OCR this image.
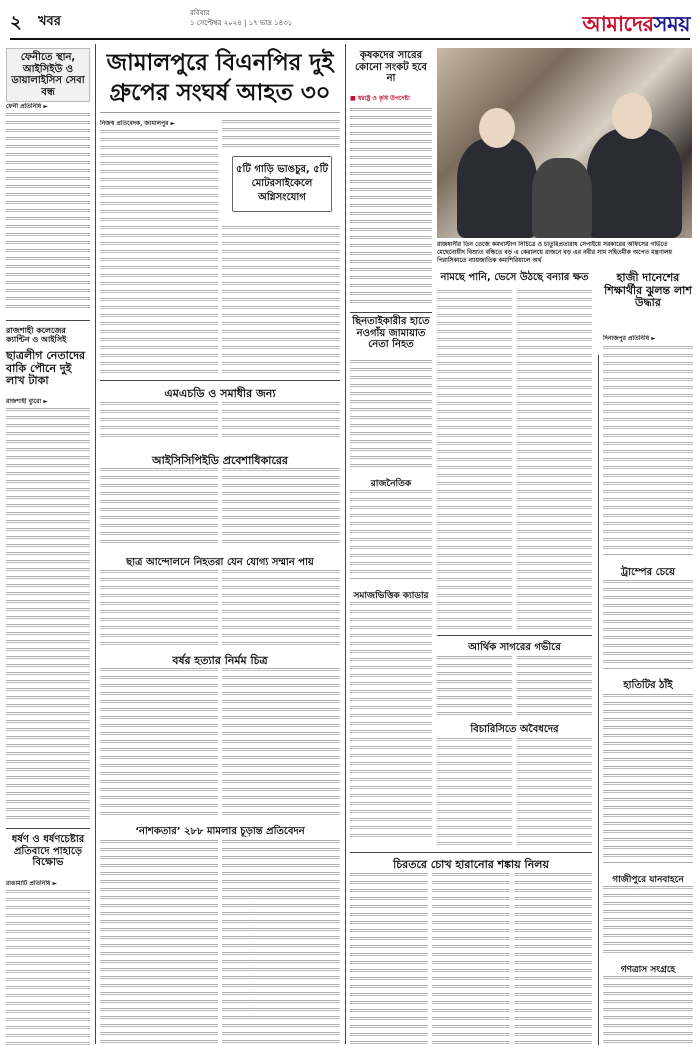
২ খবর
রবিবার
১ সেপ্টেম্বর ২০২৪ | ১৭ ভাদ্র ১৪৩১	আমাদেরসময়
ফেনীতে স্থান, আইসিইউ ও ডায়ালাইসিস সেবা বন্ধ
ফেনী প্রতিনিধি ►
রাজশাহী কলেজের ক্যান্টিন ও আইসিই
ছাত্রলীগ নেতাদের বাকি পৌনে দুই লাখ টাকা
রাজশাহী ব্যুরো ►
ধর্ষণ ও ধর্ষণচেষ্টার প্রতিবাদে পাহাড়ে বিক্ষোভ
রাঙামাটি প্রতিনিধি ►
জামালপুরে বিএনপির দুই
গ্রুপের সংঘর্ষ আহত ৩০
নিজস্ব প্রতিবেদক, জামালপুর ►
৫টি গাড়ি ভাঙচুর, ৫টি মোটরসাইকেলে অগ্নিসংযোগ
এমএচডি ও সমাধীর জন্য
আইসিসিপিইডি প্রবেশাধিকারের
ছাত্র আন্দোলনে নিহতরা যেন যোগ্য সম্মান পায়
বর্ষর হত্যার নির্মম চিত্র
‘নাশকতার’ ২৮৮ মামলার চূড়ান্ত প্রতিবেদন
কৃষকদের সারের কোনো সংকট হবে না
■ স্বরাষ্ট্র ও কৃষি উপদেষ্টা
রাজধানীর তিন তেজে কমখাস্টাগ নিচিত্রে ও চাতুরিপ্রত্যরাধ সেপাইয়ে সরকারের অফিসের গর্ভিতে মেছেনোয়ীদ বিশ্যুত বন্ধিতে বড় এ কেরালয়ে রাজনে বড় এর নবীর সাম সহিতমীক অপেত মন্ত্রণালয় পিরাসিকাতে ন্যায়জাতিক কমাশিরিয়ালে অর্থ
নামছে পানি, ভেসে উঠছে বন্যার ক্ষত
ছিনতাইকারীর হাতে নওগাঁয় জামায়াত নেতা নিহত
রাজনৈতিক
সমাজভিত্তিক ক্যাডার
আর্থিক সাগরের গভীরে
বিচারিসিতে অবৈধদের
চিরতরে চোখ হারানোর শঙ্কায় নিলয়
হাজী দানেশের শিক্ষার্থীর ঝুলন্ত লাশ উদ্ধার
দিনাজপুর প্রতিনিধি ►
ট্রাম্পের চেয়ে
হাতিটির ঠাঁই
গাজীপুরে যানবাহনে
গণত্রাস সংগ্রহে
